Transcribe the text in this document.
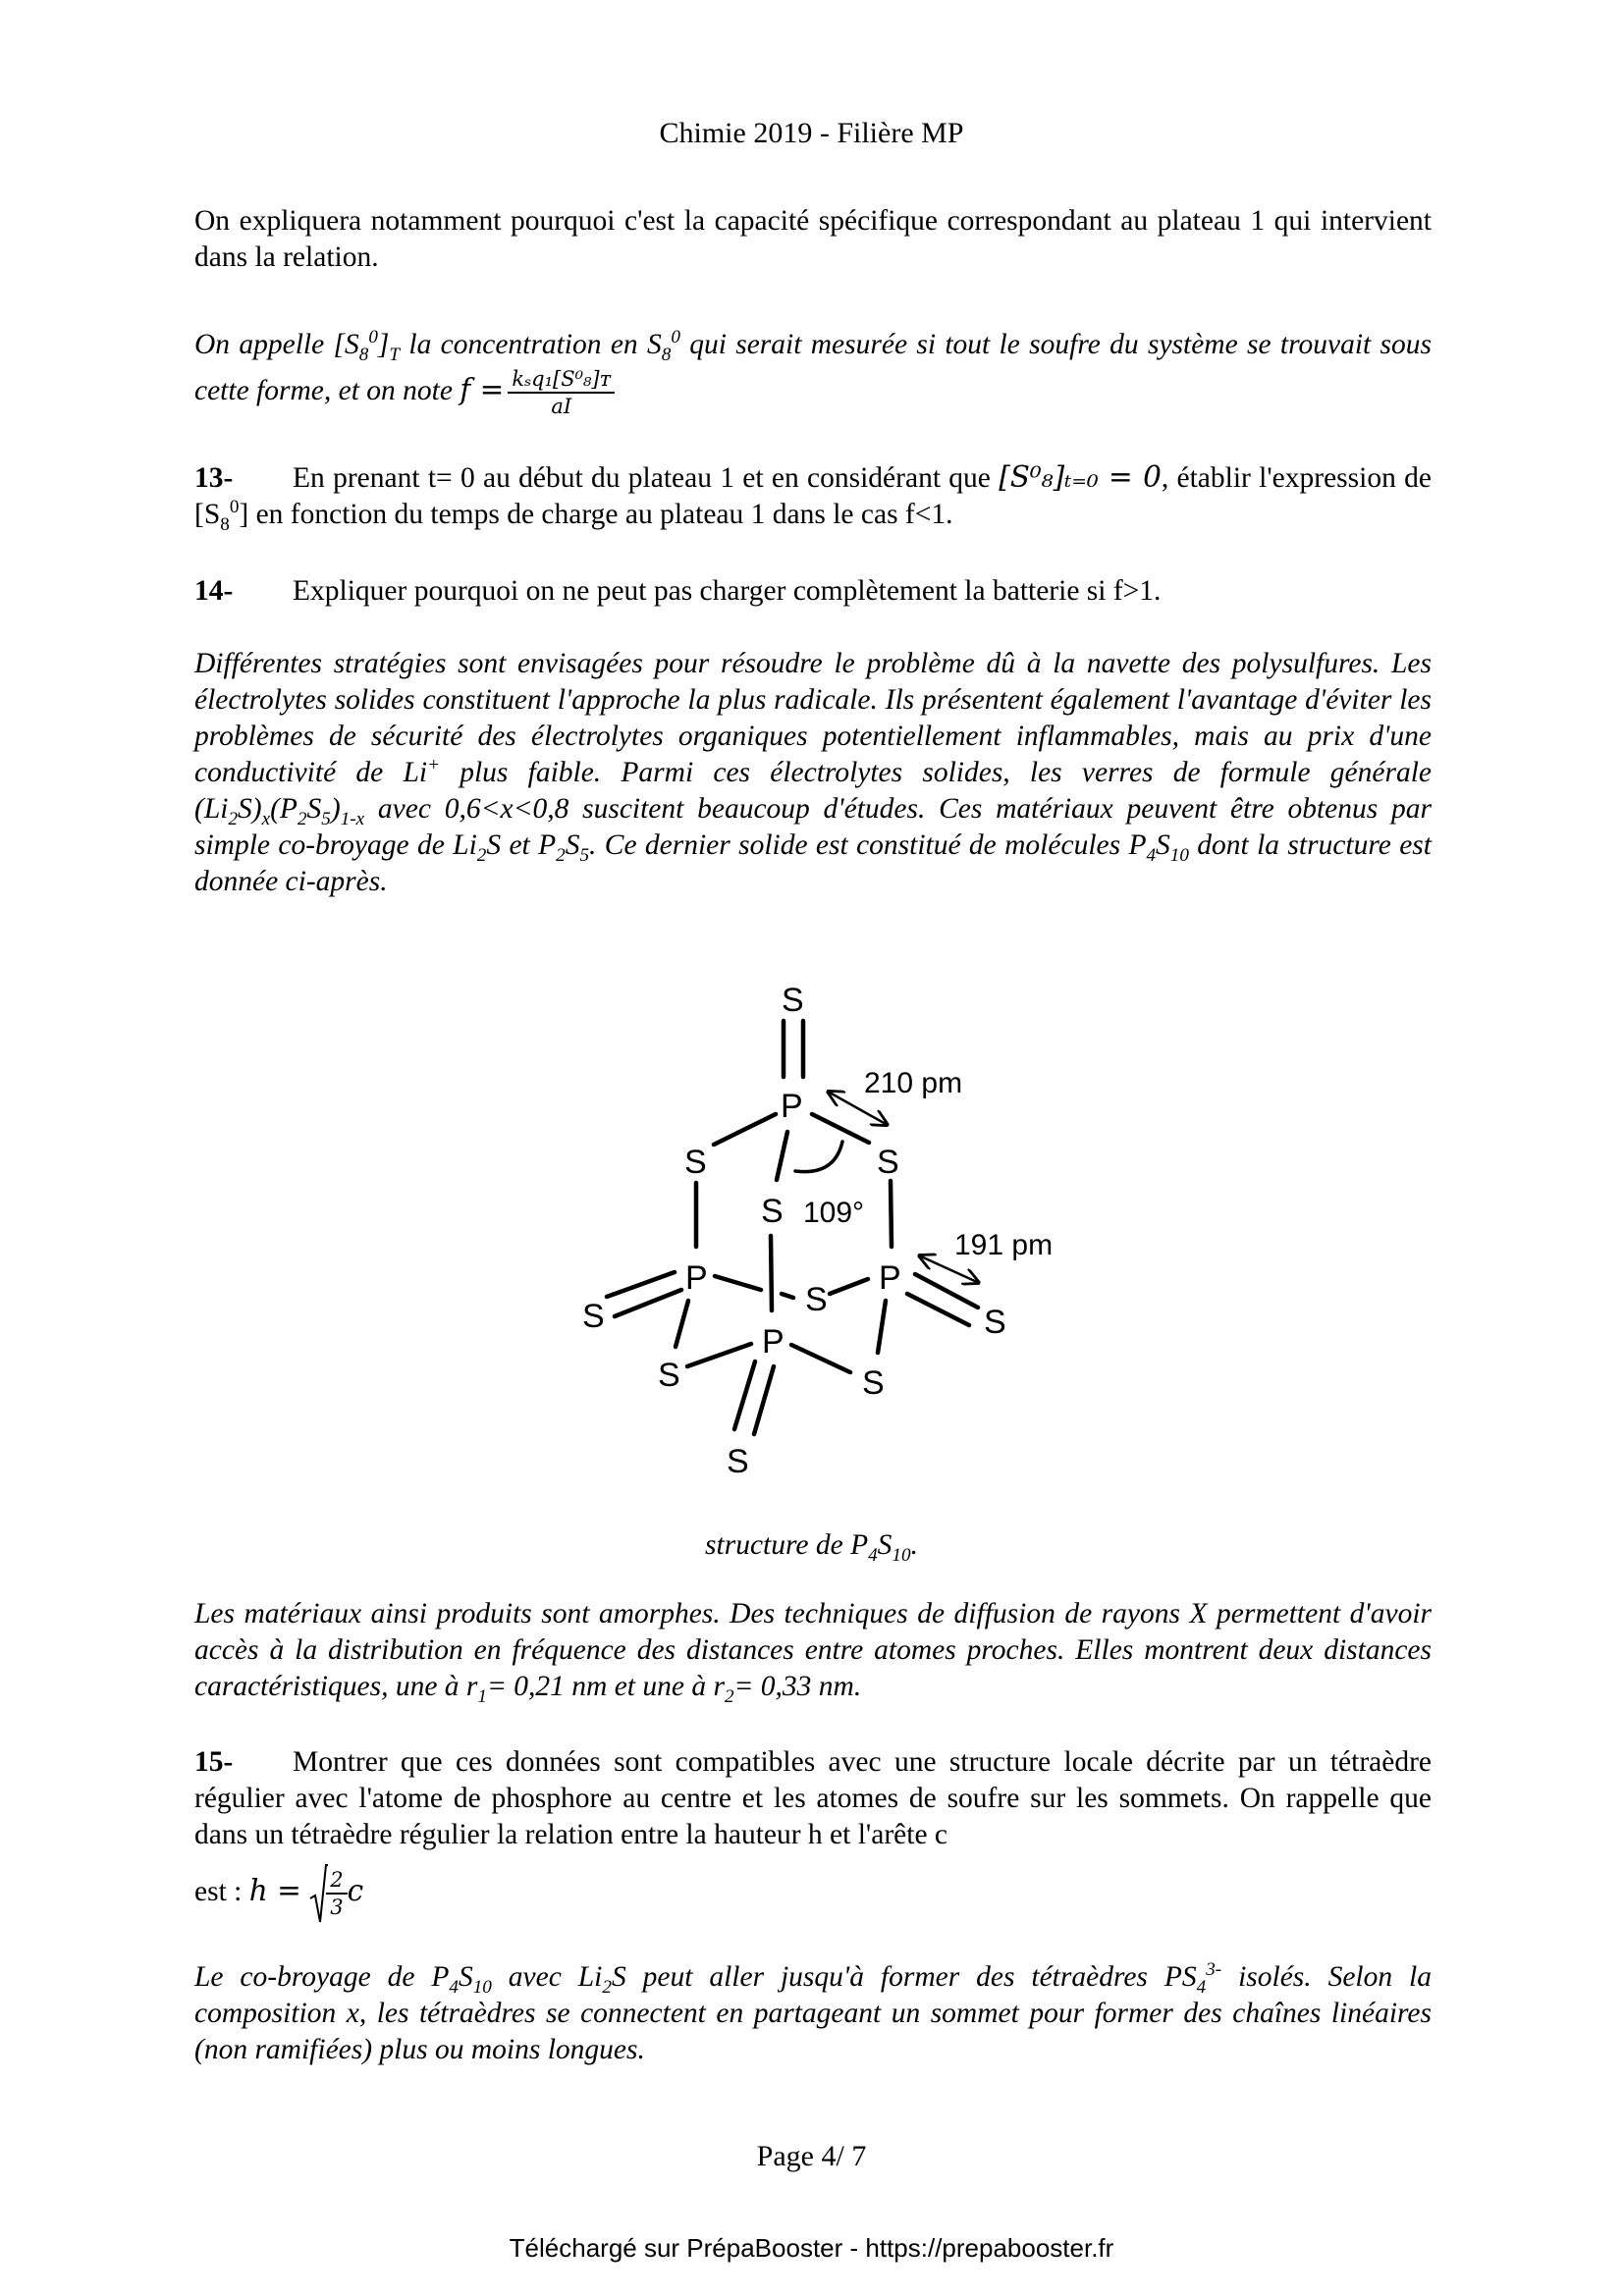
Chimie 2019 - Filière MP

On expliquera notamment pourquoi c'est la capacité spécifique correspondant au plateau 1 qui intervient dans la relation.

On appelle $[S_8^0]_T$ la concentration en $S_8^0$ qui serait mesurée si tout le soufre du système se trouvait sous cette forme, et on note $f = \frac{\text{kₛq₁[S⁰₈]ᴛ}}{aI}$

13- En prenant t= 0 au début du plateau 1 et en considérant que [S⁰₈]ₜ₌₀ = 0, établir l'expression de $[S_8^0]$ en fonction du temps de charge au plateau 1 dans le cas f<1.

14- Expliquer pourquoi on ne peut pas charger complètement la batterie si f>1.

Différentes stratégies sont envisagées pour résoudre le problème dû à la navette des polysulfures. Les électrolytes solides constituent l'approche la plus radicale. Ils présentent également l'avantage d'éviter les problèmes de sécurité des électrolytes organiques potentiellement inflammables, mais au prix d'une conductivité de Li+ plus faible. Parmi ces électrolytes solides, les verres de formule générale $(Li_2S)_x(P_2S_5)_{1-x}$ avec 0,6<x<0,8 suscitent beaucoup d'études. Ces matériaux peuvent être obtenus par simple co-broyage de $Li_2S$ et $P_2S_5$. Ce dernier solide est constitué de molécules $P_4S_{10}$ dont la structure est donnée ci-après.

S
P
S	S
S 109°
210 pm
191 pm
P	P
S
S	S
P
S	S
S
structure de $P_4S_{10}$.

Les matériaux ainsi produits sont amorphes. Des techniques de diffusion de rayons X permettent d'avoir accès à la distribution en fréquence des distances entre atomes proches. Elles montrent deux distances caractéristiques, une à $r_1= 0,21$ nm et une à $r_2= 0,33$ nm.

15- Montrer que ces données sont compatibles avec une structure locale décrite par un tétraèdre régulier avec l'atome de phosphore au centre et les atomes de soufre sur les sommets. On rappelle que dans un tétraèdre régulier la relation entre la hauteur h et l'arête c

est : $h = \frac{2}{3}$ c

Le co-broyage de $P_4S_{10}$ avec $Li_2S$ peut aller jusqu'à former des tétraèdres $PS_4^{3-}$ isolés. Selon la composition x, les tétraèdres se connectent en partageant un sommet pour former des chaînes linéaires (non ramifiées) plus ou moins longues.

Page 4/ 7
Téléchargé sur PrépaBooster - https://prepabooster.fr
